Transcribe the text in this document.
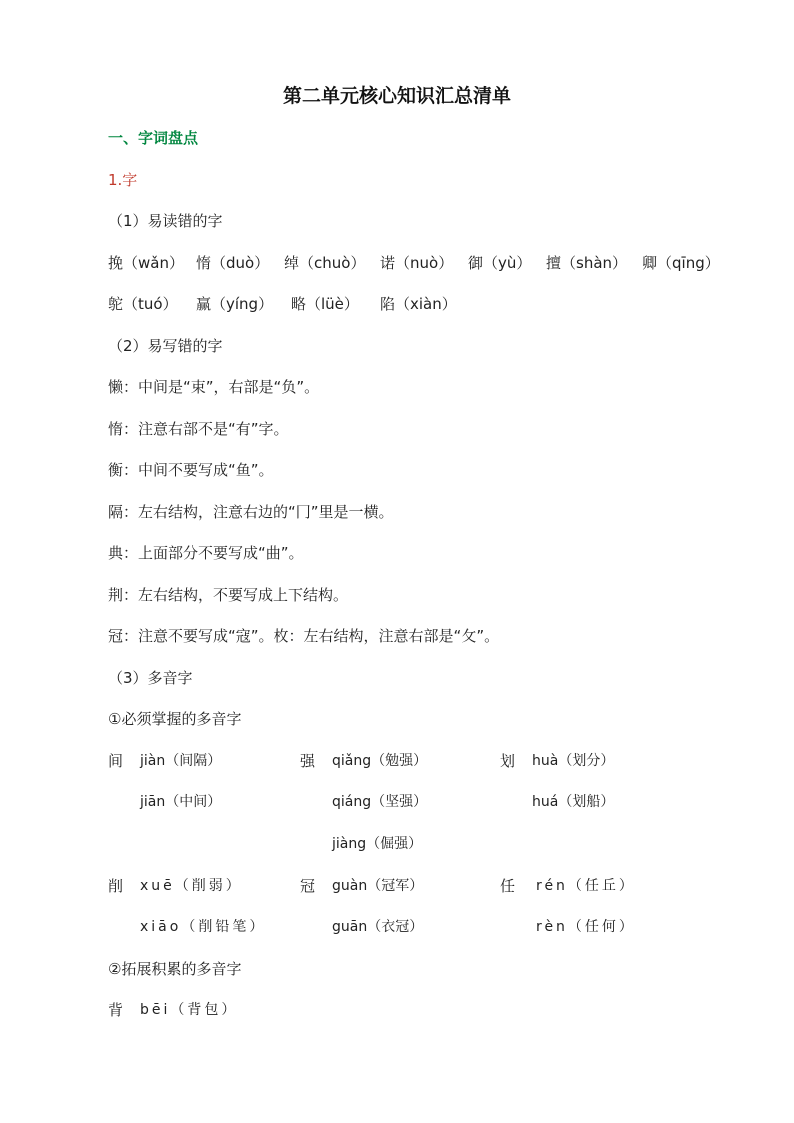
第二单元核心知识汇总清单
一、字词盘点
1.字
（1）易读错的字
挽（wǎn） 惰（duò） 绰（chuò） 诺（nuò） 御（yù） 擅（shàn） 卿（qīng）
鸵（tuó） 赢（yíng） 略（lüè） 陷（xiàn）
（2）易写错的字
懒：中间是“束”，右部是“负”。
惰：注意右部不是“有”字。
衡：中间不要写成“鱼”。
隔：左右结构，注意右边的“冂”里是一横。
典：上面部分不要写成“曲”。
荆：左右结构，不要写成上下结构。
冠：注意不要写成“寇”。枚：左右结构，注意右部是“攵”。
（3）多音字
①必须掌握的多音字
间 jiàn（间隔）
jiān（中间）
强 qiǎng（勉强）
qiáng（坚强）
jiàng（倔强）
划 huà（划分）
huá（划船）
削 xuē（削弱）
xiāo（削铅笔）
冠 guàn（冠军）
guān（衣冠）
任 rén（任丘）
rèn（任何）
②拓展积累的多音字
背 bēi（背包）
